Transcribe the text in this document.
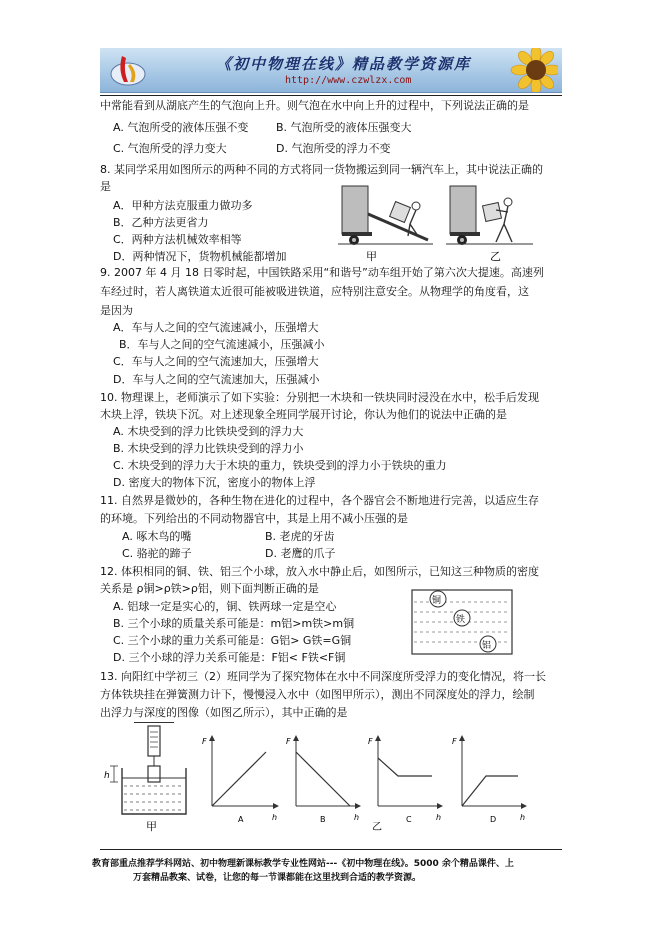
《初中物理在线》精品教学资源库
http://www.czwlzx.com
中常能看到从湖底产生的气泡向上升。则气泡在水中向上升的过程中，下列说法正确的是
A. 气泡所受的液体压强不变	B. 气泡所受的液体压强变大
C. 气泡所受的浮力变大	D. 气泡所受的浮力不变
8. 某同学采用如图所示的两种不同的方式将同一货物搬运到同一辆汽车上，其中说法正确的
是
A．甲种方法克服重力做功多
B．乙种方法更省力
C．两种方法机械效率相等
D．两种情况下，货物机械能都增加	甲	乙
9. 2007 年 4 月 18 日零时起，中国铁路采用“和谐号”动车组开始了第六次大提速。高速列
车经过时，若人离铁道太近很可能被吸进铁道，应特别注意安全。从物理学的角度看，这
是因为
A．车与人之间的空气流速减小，压强增大
B．车与人之间的空气流速减小，压强减小
C．车与人之间的空气流速加大，压强增大
D．车与人之间的空气流速加大，压强减小
10. 物理课上，老师演示了如下实验：分别把一木块和一铁块同时浸没在水中，松手后发现
木块上浮，铁块下沉。对上述现象全班同学展开讨论，你认为他们的说法中正确的是
A. 木块受到的浮力比铁块受到的浮力大
B. 木块受到的浮力比铁块受到的浮力小
C. 木块受到的浮力大于木块的重力，铁块受到的浮力小于铁块的重力
D. 密度大的物体下沉，密度小的物体上浮
11. 自然界是微妙的，各种生物在进化的过程中，各个器官会不断地进行完善，以适应生存
的环境。下列给出的不同动物器官中，其是上用不减小压强的是
A. 啄木鸟的嘴	B. 老虎的牙齿
C. 骆驼的蹄子	D. 老鹰的爪子
12. 体积相同的铜、铁、铝三个小球，放入水中静止后，如图所示，已知这三种物质的密度
关系是 ρ铜>ρ铁>ρ铝，则下面判断正确的是
A. 铝球一定是实心的，铜、铁两球一定是空心
B. 三个小球的质量关系可能是：m铝>m铁>m铜
C. 三个小球的重力关系可能是：G铝> G铁=G铜
D. 三个小球的浮力关系可能是：F铝< F铁<F铜
铜
铁
铝
13. 向阳红中学初三（2）班同学为了探究物体在水中不同深度所受浮力的变化情况，将一长
方体铁块挂在弹簧测力计下，慢慢浸入水中（如图甲所示），测出不同深度处的浮力，绘制
出浮力与深度的图像（如图乙所示），其中正确的是
h
甲
F
h
A
F
h
B
F
h
C
F
h
D
乙
教育部重点推荐学科网站、初中物理新课标教学专业性网站---《初中物理在线》。5000 余个精品课件、上
万套精品教案、试卷，让您的每一节课都能在这里找到合适的教学资源。
